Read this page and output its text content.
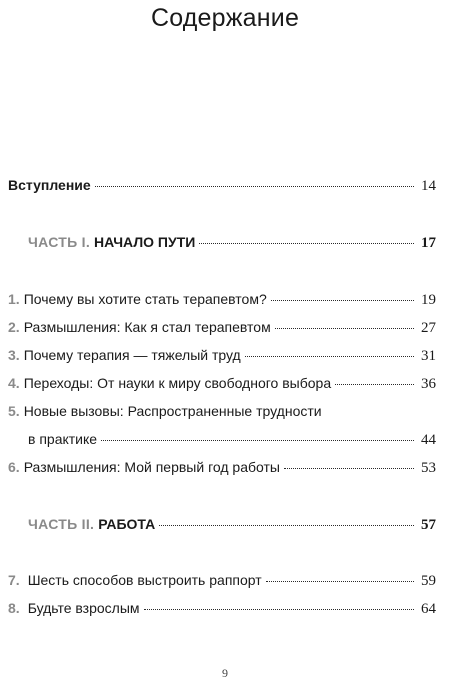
Содержание
Вступление	14
ЧАСТЬ I. НАЧАЛО ПУТИ	17
1. Почему вы хотите стать терапевтом?	19
2. Размышления: Как я стал терапевтом	27
3. Почему терапия — тяжелый труд	31
4. Переходы: От науки к миру свободного выбора	36
5. Новые вызовы: Распространенные трудности
в практике	44
6. Размышления: Мой первый год работы	53
ЧАСТЬ II. РАБОТА	57
7. Шесть способов выстроить раппорт	59
8. Будьте взрослым	64
9
